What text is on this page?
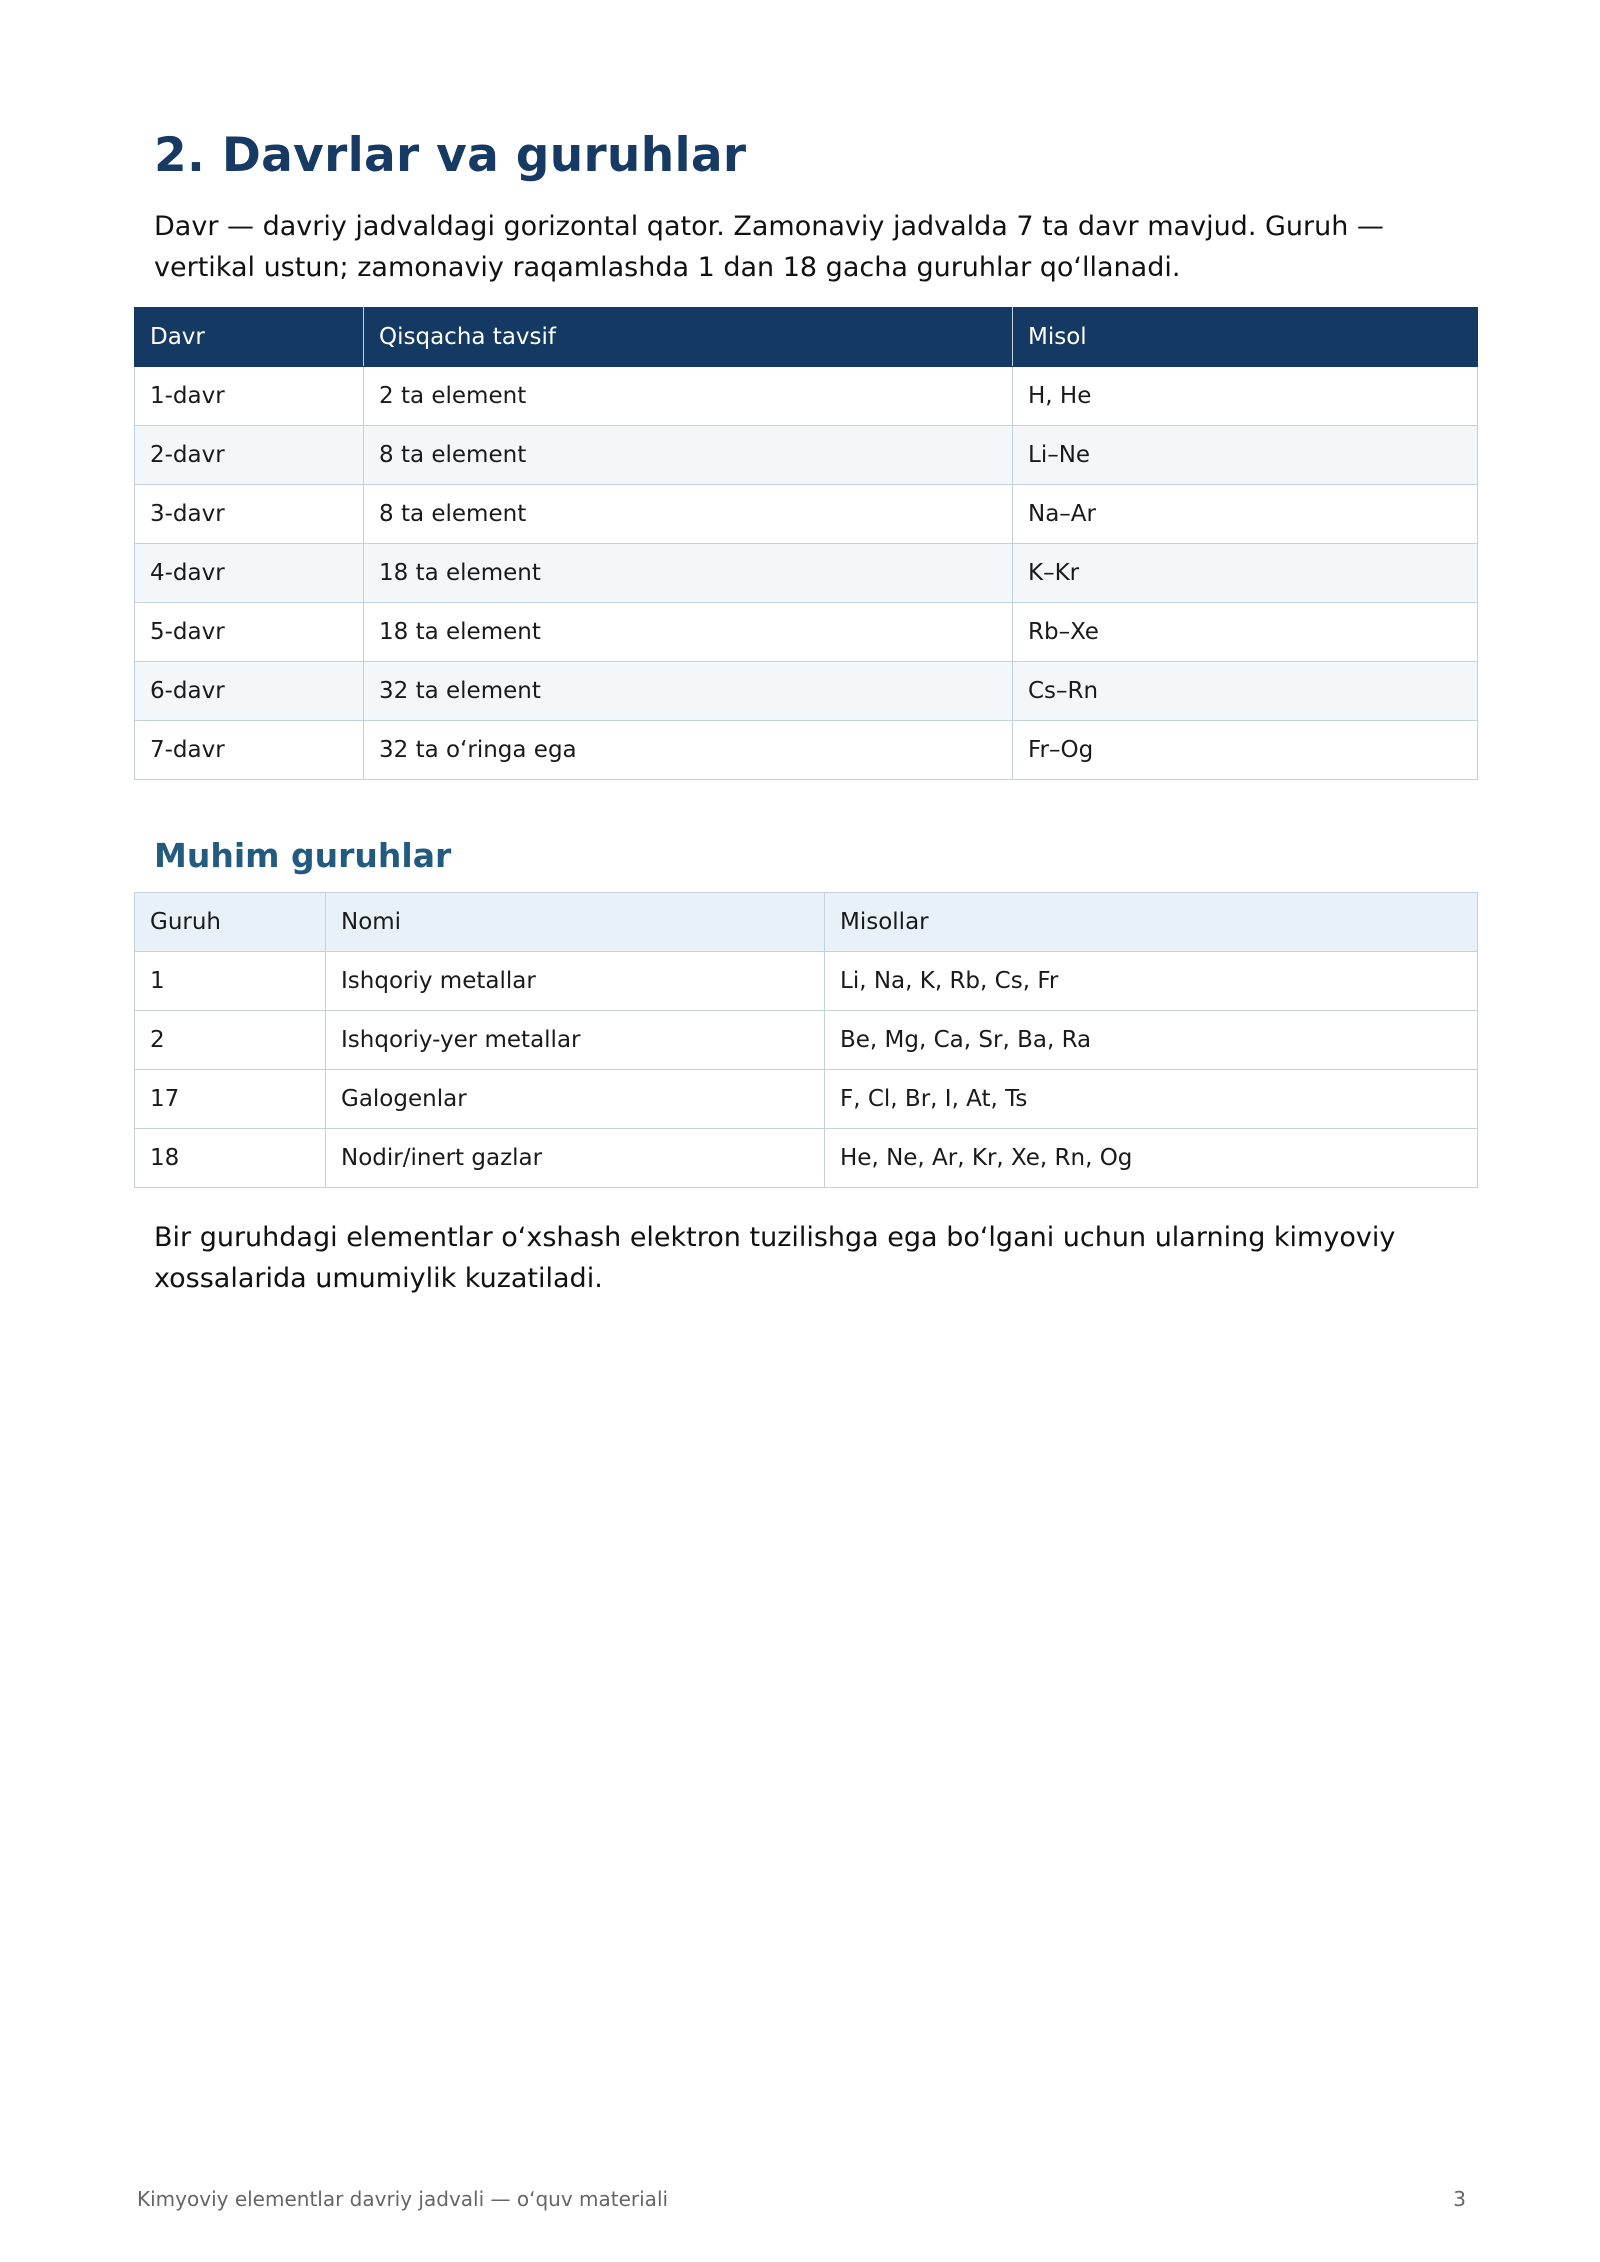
2. Davrlar va guruhlar

Davr — davriy jadvaldagi gorizontal qator. Zamonaviy jadvalda 7 ta davr mavjud. Guruh — vertikal ustun; zamonaviy raqamlashda 1 dan 18 gacha guruhlar qoʻllanadi.

Davr	Qisqacha tavsif	Misol
1-davr	2 ta element	H, He
2-davr	8 ta element	Li–Ne
3-davr	8 ta element	Na–Ar
4-davr	18 ta element	K–Kr
5-davr	18 ta element	Rb–Xe
6-davr	32 ta element	Cs–Rn
7-davr	32 ta oʻringa ega	Fr–Og
Muhim guruhlar
Guruh	Nomi	Misollar
1	Ishqoriy metallar	Li, Na, K, Rb, Cs, Fr
2	Ishqoriy-yer metallar	Be, Mg, Ca, Sr, Ba, Ra
17	Galogenlar	F, Cl, Br, I, At, Ts
18	Nodir/inert gazlar	He, Ne, Ar, Kr, Xe, Rn, Og

Bir guruhdagi elementlar oʻxshash elektron tuzilishga ega boʻlgani uchun ularning kimyoviy xossalarida umumiylik kuzatiladi.

Kimyoviy elementlar davriy jadvali — oʻquv materiali	3
